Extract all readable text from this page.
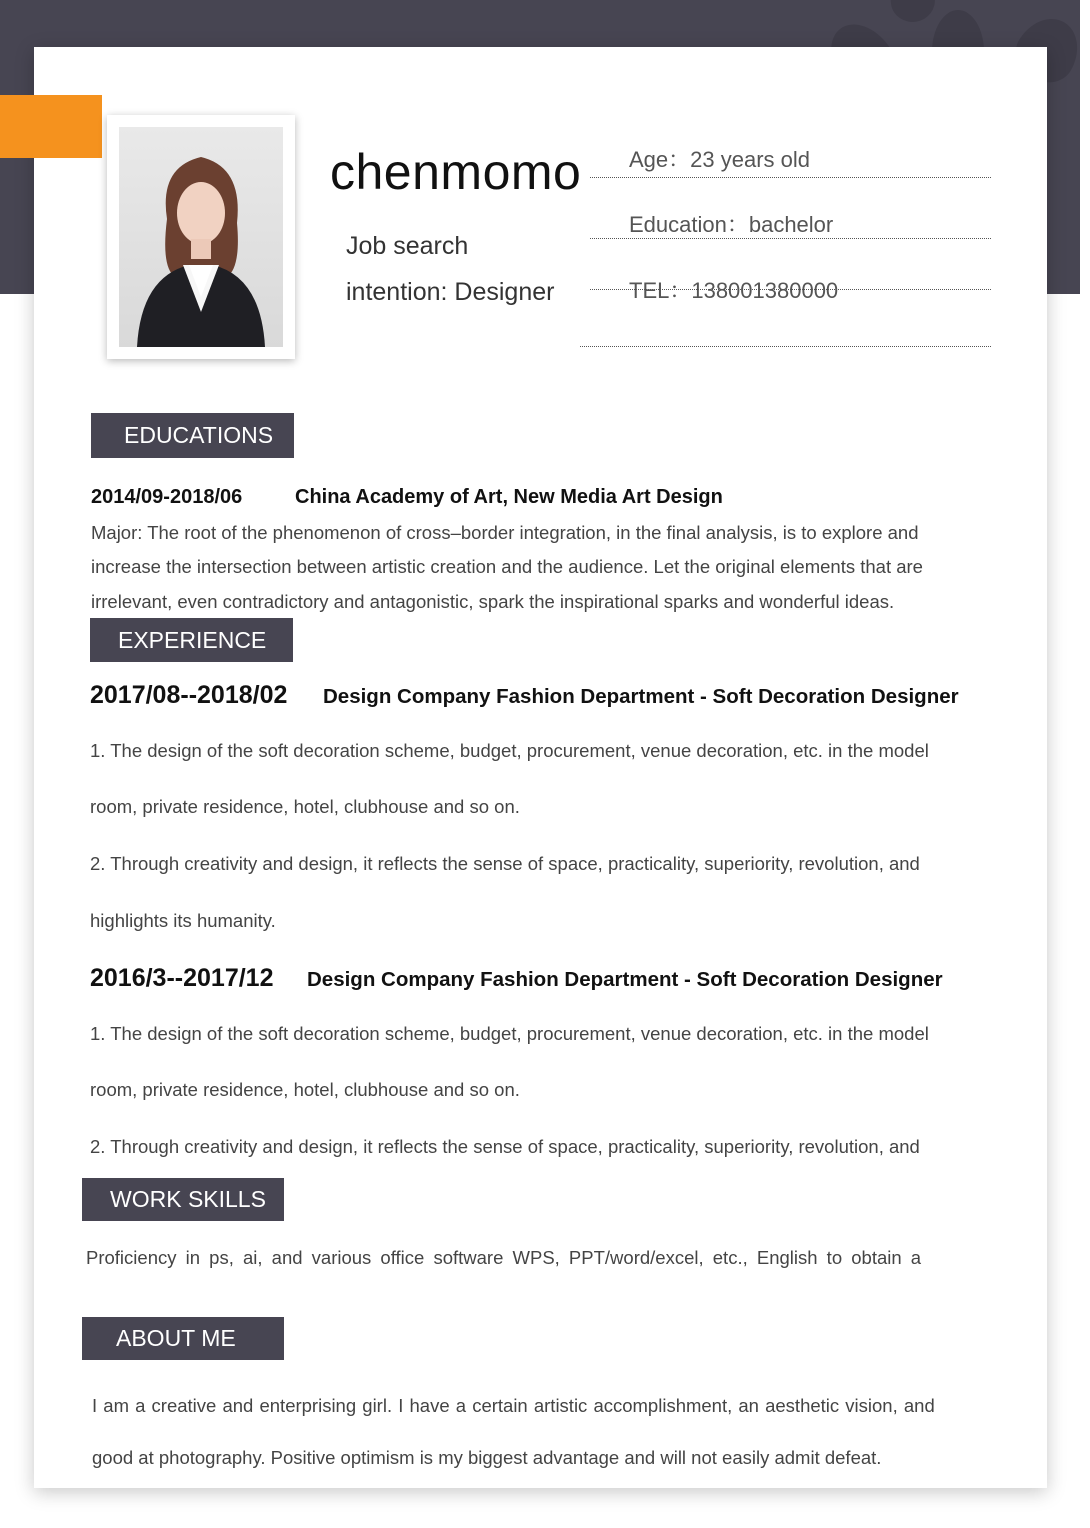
chenmomo
Job search
intention: Designer
Age：23 years old
Education：bachelor
TEL：138001380000
EDUCATIONS
2014/09-2018/06	China Academy of Art, New Media Art Design
Major: The root of the phenomenon of cross–border integration, in the final analysis, is to explore and
increase the intersection between artistic creation and the audience. Let the original elements that are
irrelevant, even contradictory and antagonistic, spark the inspirational sparks and wonderful ideas.
EXPERIENCE
2017/08--2018/02 Design Company Fashion Department - Soft Decoration Designer
1. The design of the soft decoration scheme, budget, procurement, venue decoration, etc. in the model
room, private residence, hotel, clubhouse and so on.
2. Through creativity and design, it reflects the sense of space, practicality, superiority, revolution, and
highlights its humanity.
2016/3--2017/12 Design Company Fashion Department - Soft Decoration Designer
1. The design of the soft decoration scheme, budget, procurement, venue decoration, etc. in the model
room, private residence, hotel, clubhouse and so on.
2. Through creativity and design, it reflects the sense of space, practicality, superiority, revolution, and
WORK SKILLS
Proficiency in ps, ai, and various office software WPS, PPT/word/excel, etc., English to obtain a
ABOUT ME
I am a creative and enterprising girl. I have a certain artistic accomplishment, an aesthetic vision, and
good at photography. Positive optimism is my biggest advantage and will not easily admit defeat.
